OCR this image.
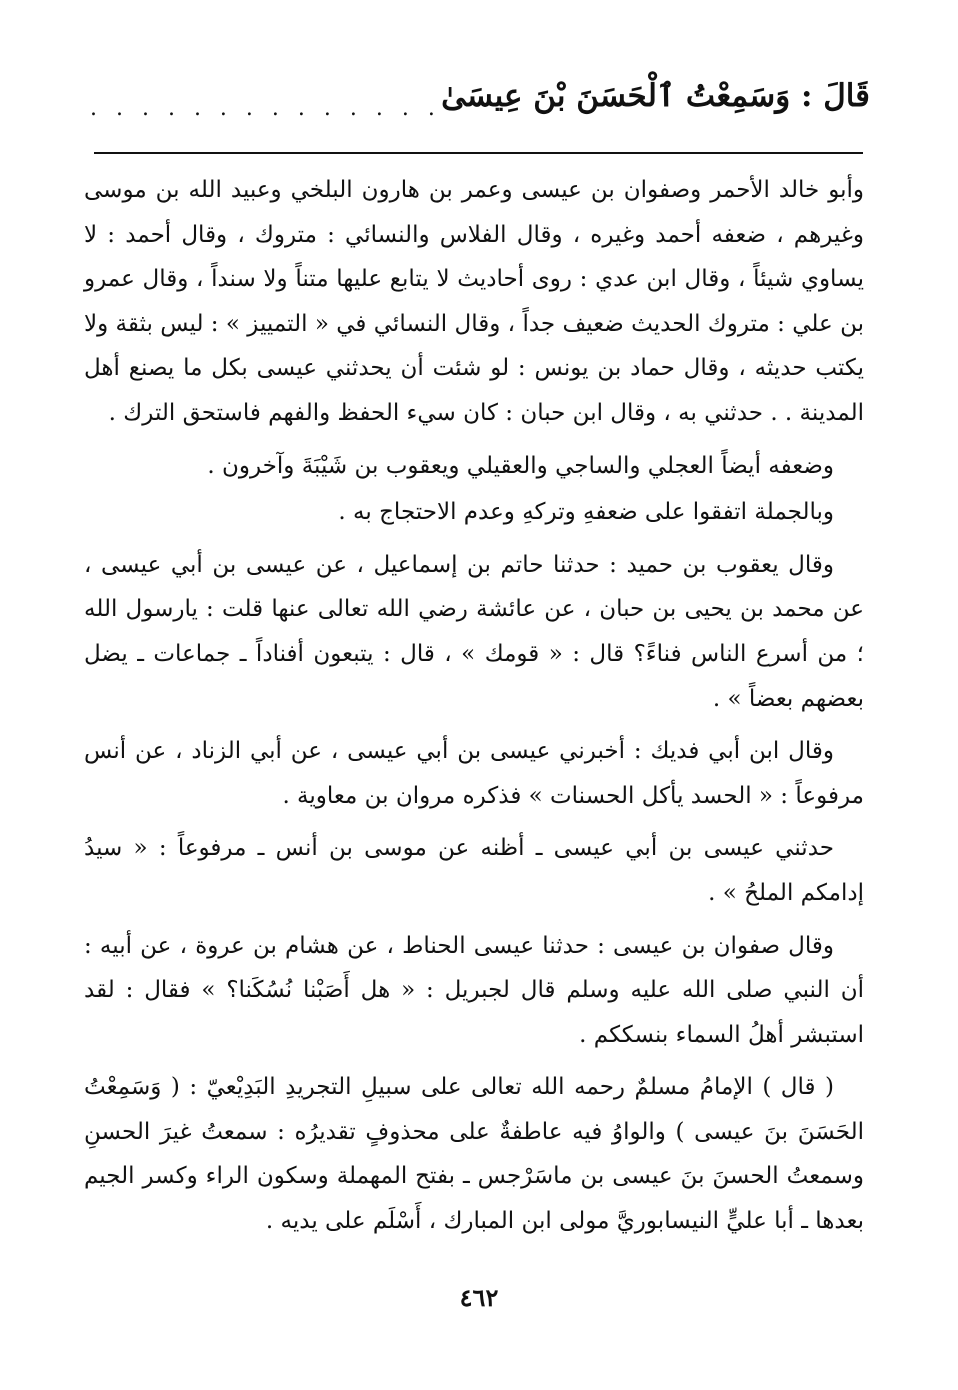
قَالَ : وَسَمِعْتُ ٱلْحَسَنَ بْنَ عِيسَىٰ
. . . . . . . . . . . . . .

وأبو خالد الأحمر وصفوان بن عيسى وعمر بن هارون البلخي وعبيد الله بن موسى وغيرهم ، ضعفه أحمد وغيره ، وقال الفلاس والنسائي : متروك ، وقال أحمد : لا يساوي شيئاً ، وقال ابن عدي : روى أحاديث لا يتابع عليها متناً ولا سنداً ، وقال عمرو بن علي : متروك الحديث ضعيف جداً ، وقال النسائي في « التمييز » : ليس بثقة ولا يكتب حديثه ، وقال حماد بن يونس : لو شئت أن يحدثني عيسى بكل ما يصنع أهل المدينة . . حدثني به ، وقال ابن حبان : كان سيء الحفظ والفهم فاستحق الترك .

وضعفه أيضاً العجلي والساجي والعقيلي ويعقوب بن شَيْبَةَ وآخرون .

وبالجملة اتفقوا على ضعفهِ وتركهِ وعدم الاحتجاج به .

وقال يعقوب بن حميد : حدثنا حاتم بن إسماعيل ، عن عيسى بن أبي عيسى ، عن محمد بن يحيى بن حبان ، عن عائشة رضي الله تعالى عنها قلت : يارسول الله ؛ من أسرع الناس فناءً؟ قال : « قومك » ، قال : يتبعون أفناداً ـ جماعات ـ يضل بعضهم بعضاً » .

وقال ابن أبي فديك : أخبرني عيسى بن أبي عيسى ، عن أبي الزناد ، عن أنس مرفوعاً : « الحسد يأكل الحسنات » فذكره مروان بن معاوية .

حدثني عيسى بن أبي عيسى ـ أظنه عن موسى بن أنس ـ مرفوعاً : « سيدُ إدامكم الملحُ » .

وقال صفوان بن عيسى : حدثنا عيسى الحناط ، عن هشام بن عروة ، عن أبيه : أن النبي صلى الله عليه وسلم قال لجبريل : « هل أَصَبْنا نُسُكَنا؟ » فقال : لقد استبشر أهلُ السماء بنسككم .

( قال ) الإمامُ مسلمٌ رحمه الله تعالى على سبيلِ التجريدِ البَدِيْعيّ : ( وَسَمِعْتُ الحَسَنَ بنَ عيسى ) والواوُ فيه عاطفةٌ على محذوفٍ تقديرُه : سمعتُ غيرَ الحسنِ وسمعتُ الحسنَ بنَ عيسى بن ماسَرْجس ـ بفتح المهملة وسكون الراء وكسر الجيم بعدها ـ أبا عليٍّ النيسابوريَّ مولى ابن المبارك ، أَسْلَم على يديه .

٤٦٢
